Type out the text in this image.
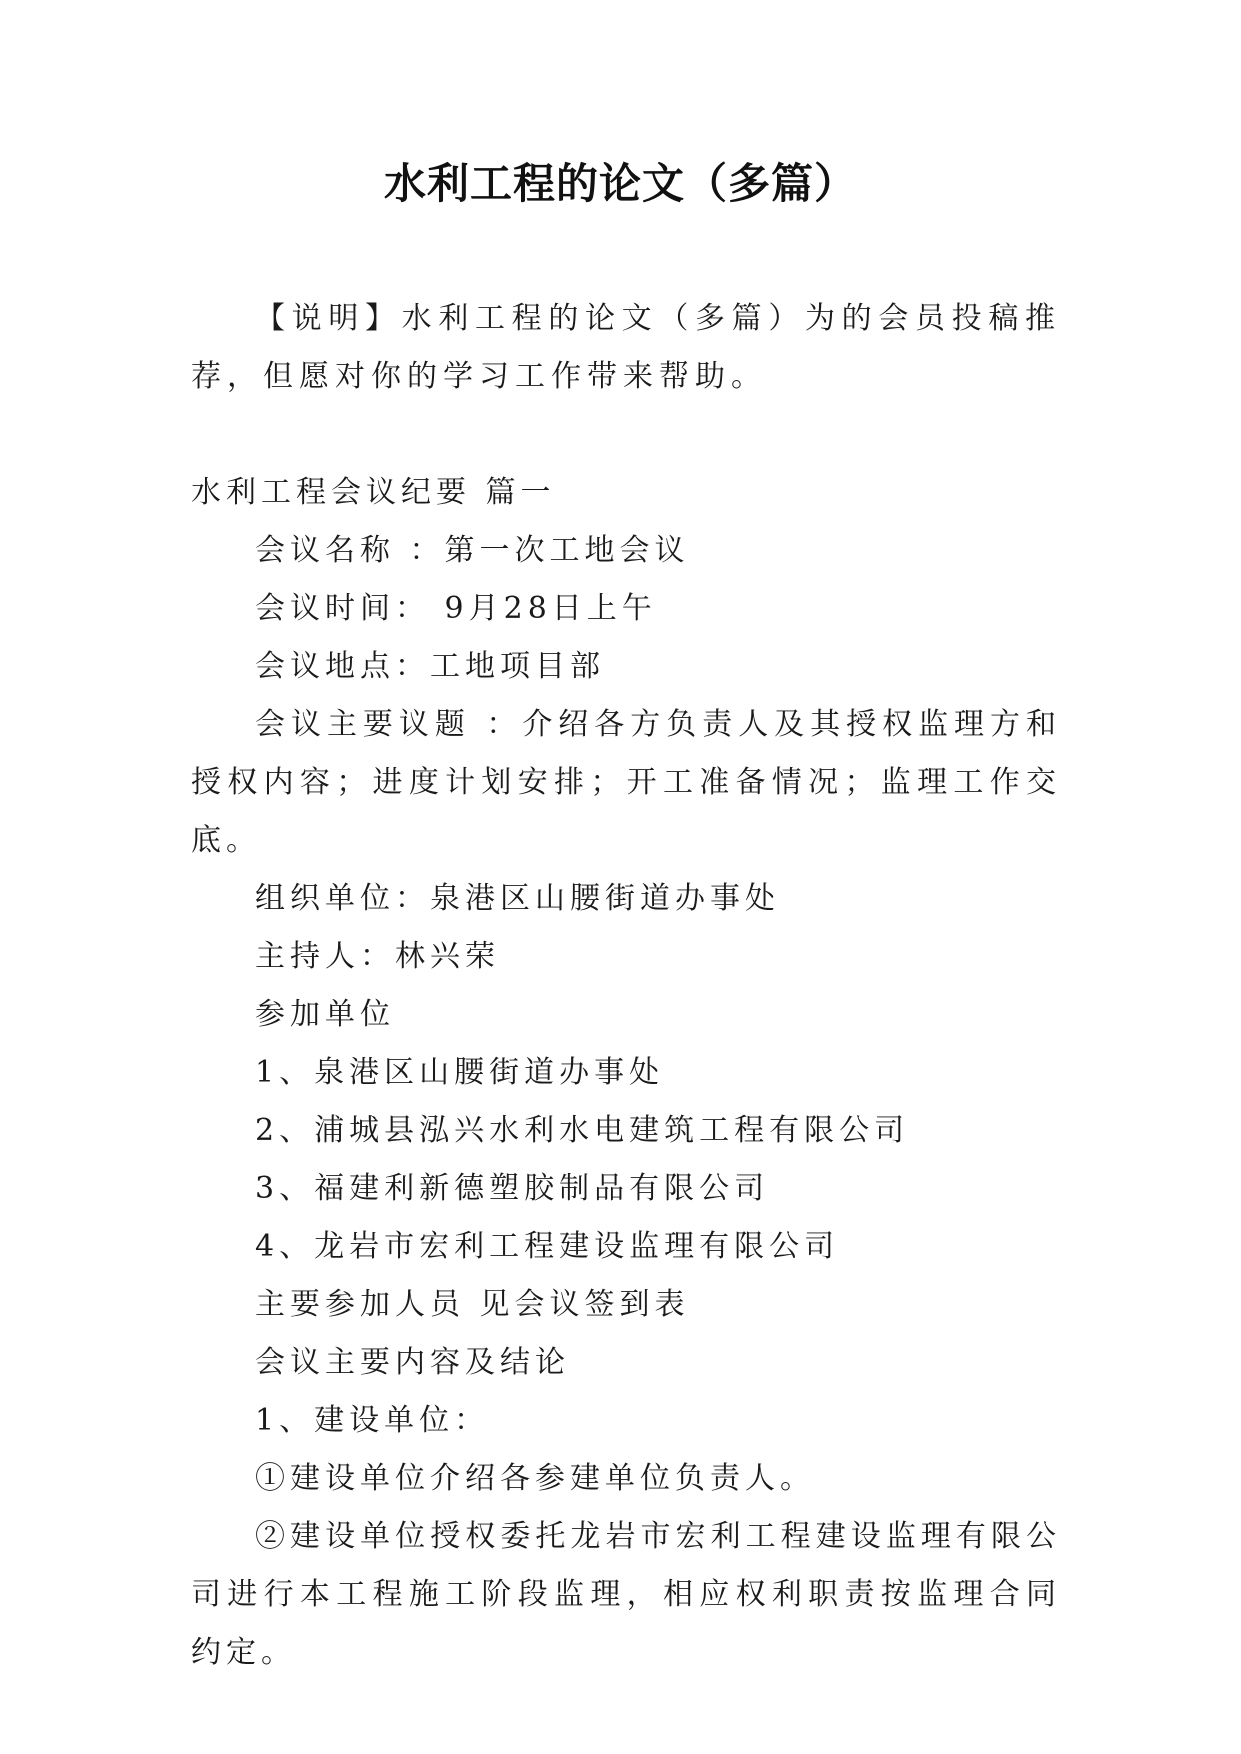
水利工程的论文（多篇）
【说明】水利工程的论文（多篇）为的会员投稿推荐，但愿对你的学习工作带来帮助。
水利工程会议纪要 篇一
会议名称 ：第一次工地会议
会议时间： 9月28日上午
会议地点：工地项目部
会议主要议题 ：介绍各方负责人及其授权监理方和授权内容；进度计划安排；开工准备情况；监理工作交底。
组织单位：泉港区山腰街道办事处
主持人：林兴荣
参加单位
1、泉港区山腰街道办事处
2、浦城县泓兴水利水电建筑工程有限公司
3、福建利新德塑胶制品有限公司
4、龙岩市宏利工程建设监理有限公司
主要参加人员 见会议签到表
会议主要内容及结论
1、建设单位：
①建设单位介绍各参建单位负责人。
②建设单位授权委托龙岩市宏利工程建设监理有限公司进行本工程施工阶段监理，相应权利职责按监理合同约定。
